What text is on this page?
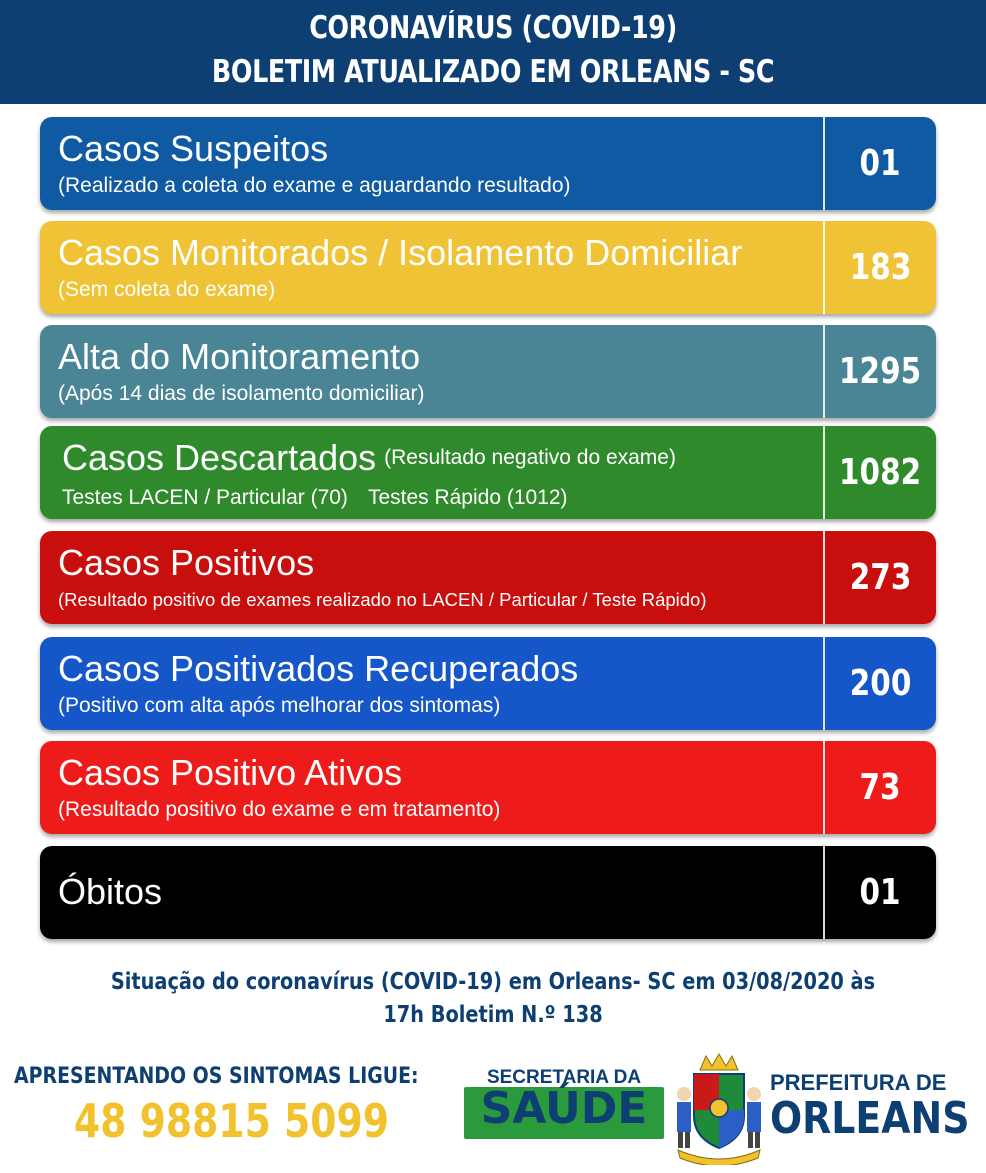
CORONAVÍRUS (COVID-19)
BOLETIM ATUALIZADO EM ORLEANS - SC
Casos Suspeitos
(Realizado a coleta do exame e aguardando resultado)
01
Casos Monitorados / Isolamento Domiciliar
(Sem coleta do exame)
183
Alta do Monitoramento
(Após 14 dias de isolamento domiciliar)
1295
Casos Descartados (Resultado negativo do exame)
Testes LACEN / Particular (70) Testes Rápido (1012)
1082
Casos Positivos
(Resultado positivo de exames realizado no LACEN / Particular / Teste Rápido)
273
Casos Positivados Recuperados
(Positivo com alta após melhorar dos sintomas)
200
Casos Positivo Ativos
(Resultado positivo do exame e em tratamento)
73
Óbitos	01
Situação do coronavírus (COVID-19) em Orleans- SC em 03/08/2020 às
17h Boletim N.º 138
APRESENTANDO OS SINTOMAS LIGUE:
48 98815 5099
SECRETARIA DA
SAÚDE
PREFEITURA DE
ORLEANS
